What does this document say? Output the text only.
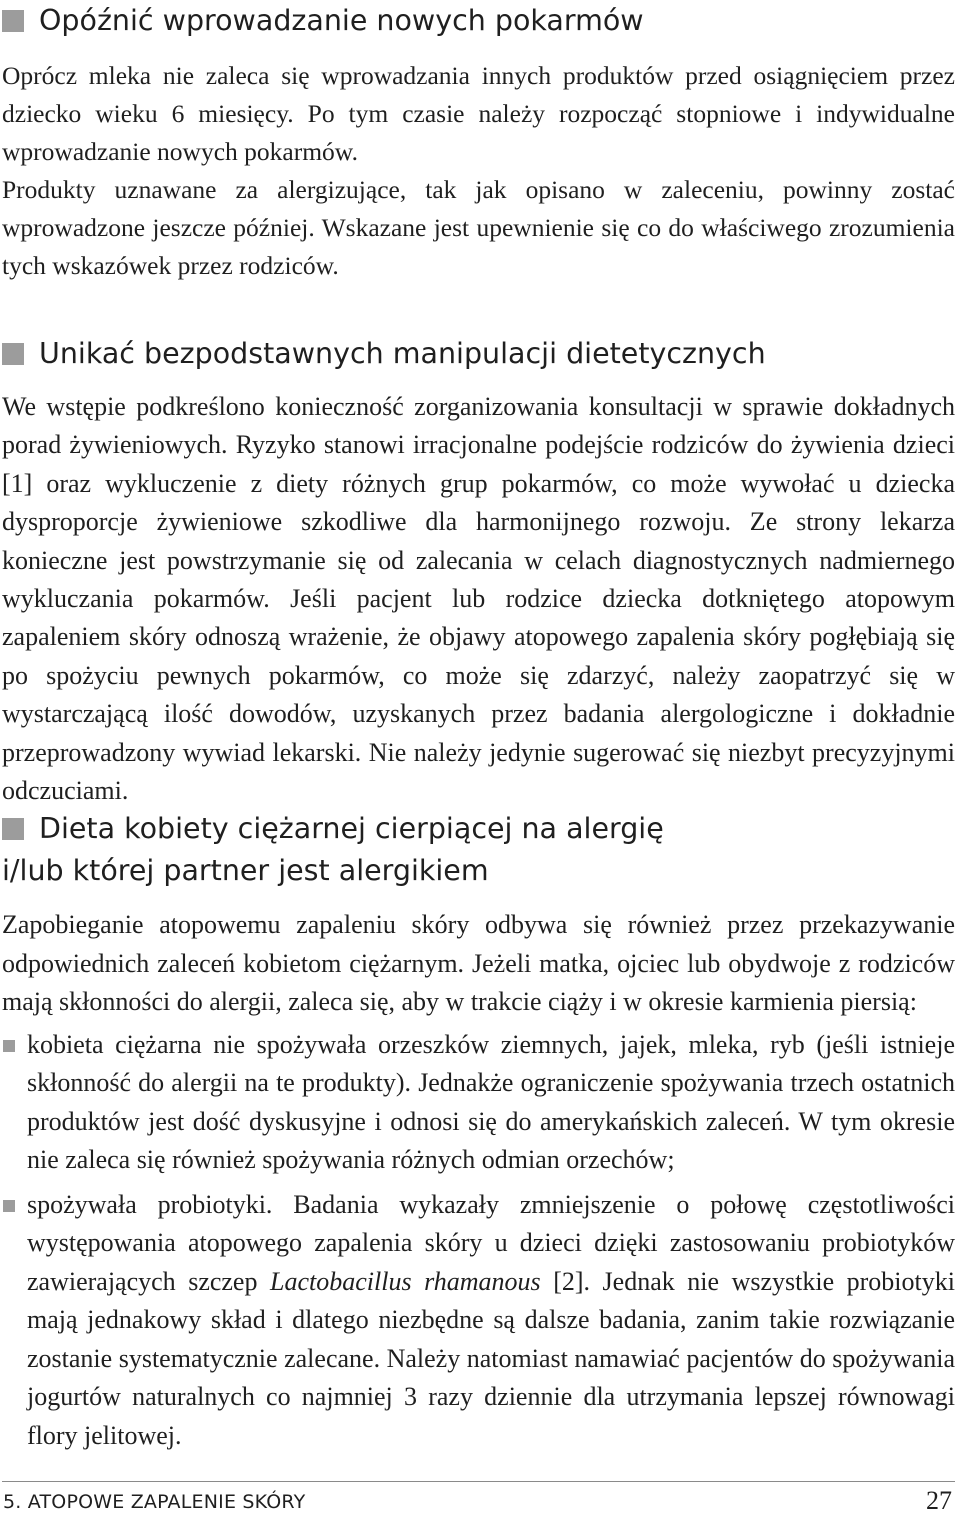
Opóźnić wprowadzanie nowych pokarmów

Oprócz mleka nie zaleca się wprowadzania innych produktów przed osiągnięciem przez dziecko wieku 6 miesięcy. Po tym czasie należy rozpocząć stopniowe i indywidualne wprowadzanie nowych pokarmów.

Produkty uznawane za alergizujące, tak jak opisano w zaleceniu, powinny zostać wprowadzone jeszcze później. Wskazane jest upewnienie się co do właściwego zrozumienia tych wskazówek przez rodziców.

Unikać bezpodstawnych manipulacji dietetycznych

We wstępie podkreślono konieczność zorganizowania konsultacji w sprawie dokładnych porad żywieniowych. Ryzyko stanowi irracjonalne podejście rodziców do żywienia dzieci [1] oraz wykluczenie z diety różnych grup pokarmów, co może wywołać u dziecka dysproporcje żywieniowe szkodliwe dla harmonijnego rozwoju. Ze strony lekarza konieczne jest powstrzymanie się od zalecania w celach diagnostycznych nadmiernego wykluczania pokarmów. Jeśli pacjent lub rodzice dziecka dotkniętego atopowym zapaleniem skóry odnoszą wrażenie, że objawy atopowego zapalenia skóry pogłębiają się po spożyciu pewnych pokarmów, co może się zdarzyć, należy zaopatrzyć się w wystarczającą ilość dowodów, uzyskanych przez badania alergologiczne i dokładnie przeprowadzony wywiad lekarski. Nie należy jedynie sugerować się niezbyt precyzyjnymi odczuciami.

Dieta kobiety ciężarnej cierpiącej na alergię
i/lub której partner jest alergikiem

Zapobieganie atopowemu zapaleniu skóry odbywa się również przez przekazywanie odpowiednich zaleceń kobietom ciężarnym. Jeżeli matka, ojciec lub obydwoje z rodziców mają skłonności do alergii, zaleca się, aby w trakcie ciąży i w okresie karmienia piersią:

kobieta ciężarna nie spożywała orzeszków ziemnych, jajek, mleka, ryb (jeśli istnieje skłonność do alergii na te produkty). Jednakże ograniczenie spożywania trzech ostatnich produktów jest dość dyskusyjne i odnosi się do amerykańskich zaleceń. W tym okresie nie zaleca się również spożywania różnych odmian orzechów;
spożywała probiotyki. Badania wykazały zmniejszenie o połowę częstotliwości występowania atopowego zapalenia skóry u dzieci dzięki zastosowaniu probiotyków zawierających szczep Lactobacillus rhamanous [2]. Jednak nie wszystkie probiotyki mają jednakowy skład i dlatego niezbędne są dalsze badania, zanim takie rozwiązanie zostanie systematycznie zalecane. Należy natomiast namawiać pacjentów do spożywania jogurtów naturalnych co najmniej 3 razy dziennie dla utrzymania lepszej równowagi flory jelitowej.
5. ATOPOWE ZAPALENIE SKÓRY	27
